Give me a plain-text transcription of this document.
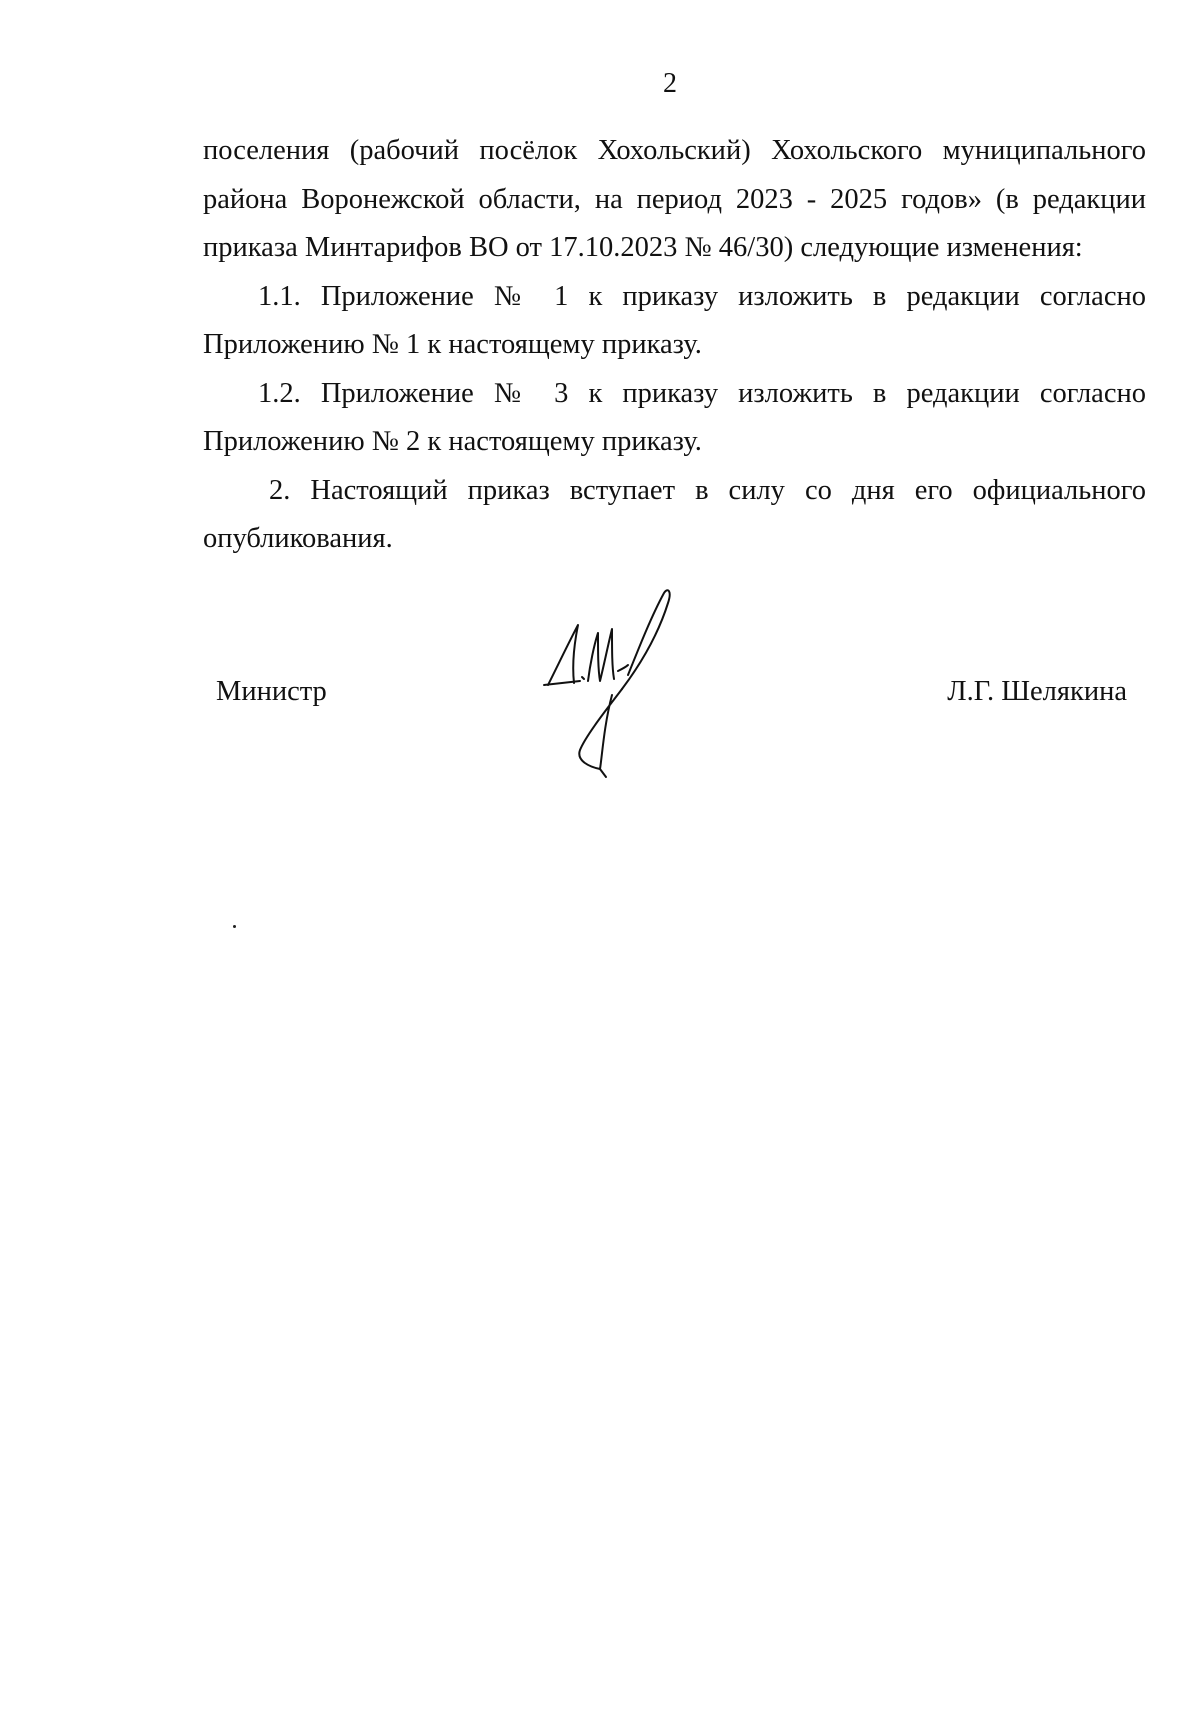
2

поселения (рабочий посёлок Хохольский) Хохольского муниципального района Воронежской области, на период 2023 - 2025 годов» (в редакции приказа Минтарифов ВО от 17.10.2023 № 46/30) следующие изменения:

1.1. Приложение № 1 к приказу изложить в редакции согласно Приложению № 1 к настоящему приказу.

1.2. Приложение № 3 к приказу изложить в редакции согласно Приложению № 2 к настоящему приказу.

2. Настоящий приказ вступает в силу со дня его официального опубликования.

Министр	Л.Г. Шелякина
